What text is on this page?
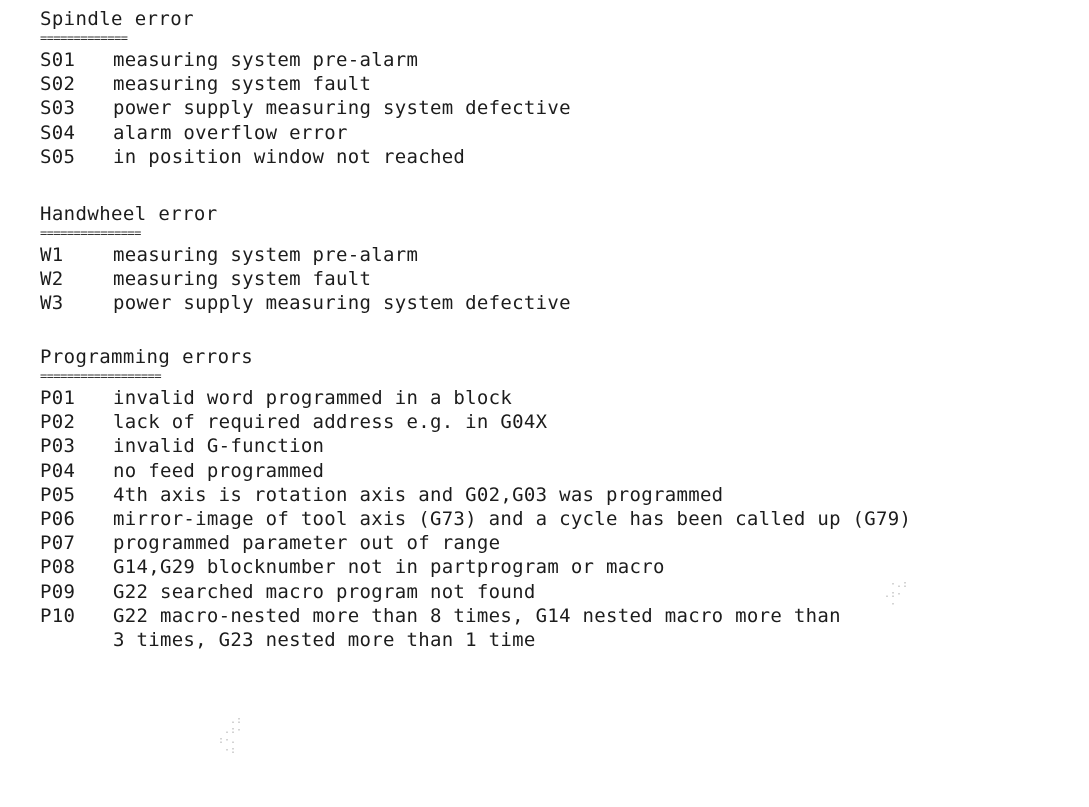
Spindle error
=============
S01	measuring system pre-alarm
S02	measuring system fault
S03	power supply measuring system defective
S04	alarm overflow error
S05	in position window not reached
Handwheel error
===============
W1	measuring system pre-alarm
W2	measuring system fault
W3	power supply measuring system defective
Programming errors
==================
P01	invalid word programmed in a block
P02	lack of required address e.g. in G04X
P03	invalid G-function
P04	no feed programmed
P05	4th axis is rotation axis and G02,G03 was programmed
P06	mirror-image of tool axis (G73) and a cycle has been called up (G79)
P07	programmed parameter out of range
P08	G14,G29 blocknumber not in partprogram or macro
P09	G22 searched macro program not found
P10	G22 macro-nested more than 8 times, G14 nested macro more than
3 times, G23 nested more than 1 time
.:
.:·
:·.
·:
·.:
.:·
·
